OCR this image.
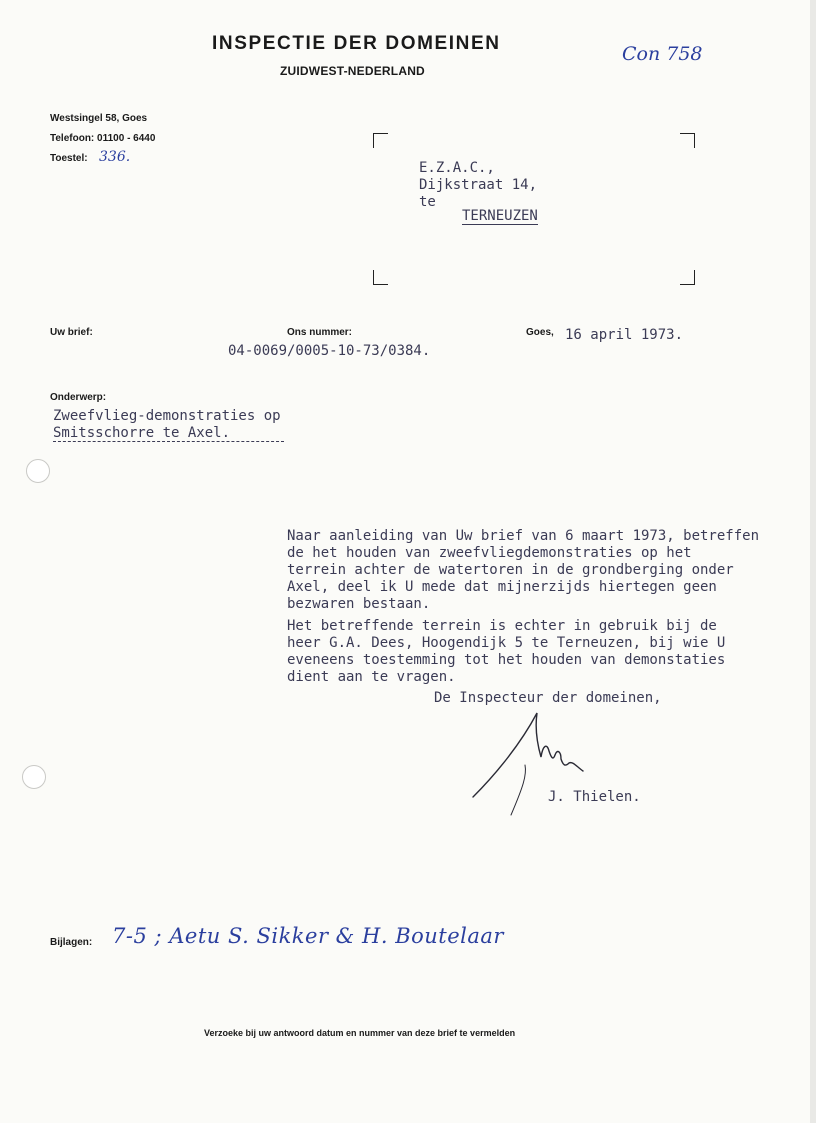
INSPECTIE DER DOMEINEN
ZUIDWEST-NEDERLAND
Con 758
Westsingel 58, Goes
Telefoon: 01100 - 6440
Toestel: 336.
E.Z.A.C.,
Dijkstraat 14,
te
TERNEUZEN
Uw brief:	Ons nummer:
04-0069/0005-10-73/0384.
Goes, 16 april 1973.
Onderwerp:
Zweefvlieg-demonstraties op
Smitsschorre te Axel.
Naar aanleiding van Uw brief van 6 maart 1973, betreffen
de het houden van zweefvliegdemonstraties op het
terrein achter de watertoren in de grondberging onder
Axel, deel ik U mede dat mijnerzijds hiertegen geen
bezwaren bestaan.
Het betreffende terrein is echter in gebruik bij de
heer G.A. Dees, Hoogendijk 5 te Terneuzen, bij wie U
eveneens toestemming tot het houden van demonstaties
dient aan te vragen.
De Inspecteur der domeinen,
J. Thielen.
Bijlagen: 7-5 ; Aetu S. Sikker & H. Boutelaar
Verzoeke bij uw antwoord datum en nummer van deze brief te vermelden
